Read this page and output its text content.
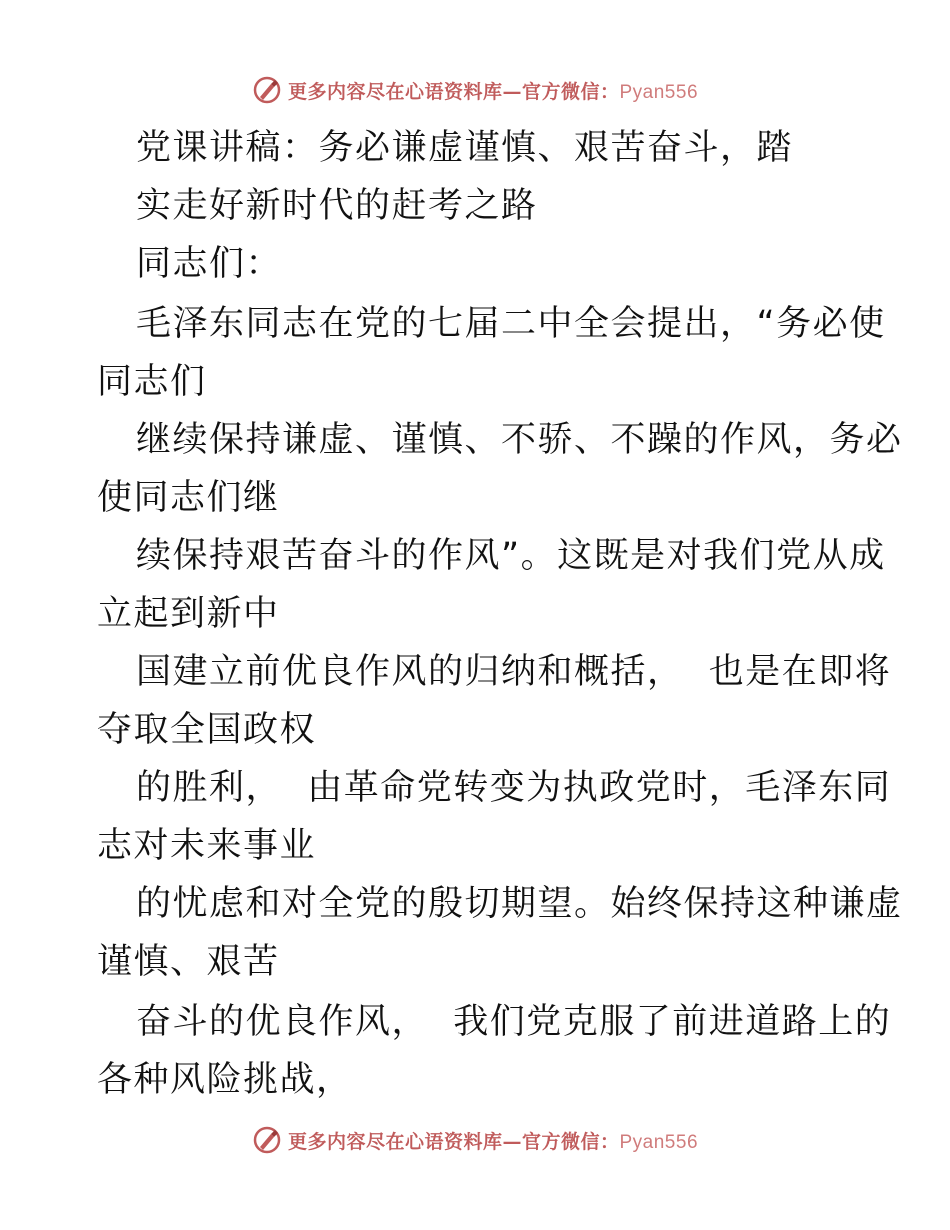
更多内容尽在心语资料库—官方微信：Pyan556
党课讲稿：务必谦虚谨慎、艰苦奋斗，踏
实走好新时代的赶考之路
同志们：
毛泽东同志在党的七届二中全会提出，“务必使
同志们
继续保持谦虚、谨慎、不骄、不躁的作风，务必
使同志们继
续保持艰苦奋斗的作风”。这既是对我们党从成
立起到新中
国建立前优良作风的归纳和概括，  也是在即将
夺取全国政权
的胜利，  由革命党转变为执政党时，毛泽东同
志对未来事业
的忧虑和对全党的殷切期望。始终保持这种谦虚
谨慎、艰苦
奋斗的优良作风，  我们党克服了前进道路上的
各种风险挑战，
更多内容尽在心语资料库—官方微信：Pyan556
